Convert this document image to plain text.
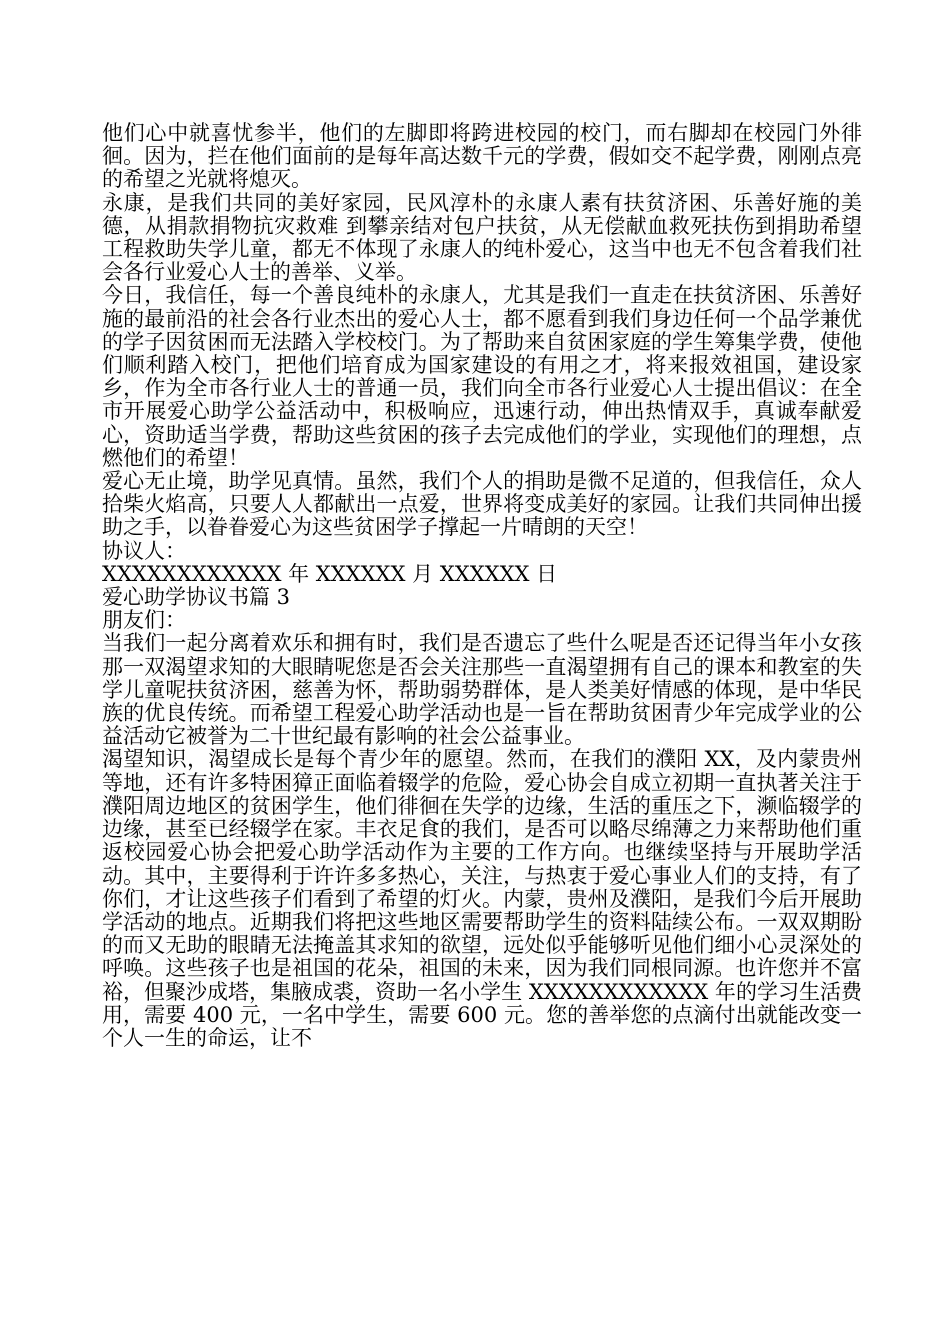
他们心中就喜忧参半，他们的左脚即将跨进校园的校门，而右脚却在校园门外徘徊。因为，拦在他们面前的是每年高达数千元的学费，假如交不起学费，刚刚点亮的希望之光就将熄灭。

永康，是我们共同的美好家园，民风淳朴的永康人素有扶贫济困、乐善好施的美德，从捐款捐物抗灾救难 到攀亲结对包户扶贫，从无偿献血救死扶伤到捐助希望工程救助失学儿童，都无不体现了永康人的纯朴爱心，这当中也无不包含着我们社会各行业爱心人士的善举、义举。

今日，我信任，每一个善良纯朴的永康人，尤其是我们一直走在扶贫济困、乐善好施的最前沿的社会各行业杰出的爱心人士，都不愿看到我们身边任何一个品学兼优的学子因贫困而无法踏入学校校门。为了帮助来自贫困家庭的学生筹集学费，使他们顺利踏入校门，把他们培育成为国家建设的有用之才，将来报效祖国，建设家乡，作为全市各行业人士的普通一员，我们向全市各行业爱心人士提出倡议：在全市开展爱心助学公益活动中，积极响应，迅速行动，伸出热情双手，真诚奉献爱心，资助适当学费，帮助这些贫困的孩子去完成他们的学业，实现他们的理想，点燃他们的希望！

爱心无止境，助学见真情。虽然，我们个人的捐助是微不足道的，但我信任，众人拾柴火焰高，只要人人都献出一点爱，世界将变成美好的家园。让我们共同伸出援助之手，以眷眷爱心为这些贫困学子撑起一片晴朗的天空！

协议人：

XXXXXXXXXXXX 年 XXXXXX 月 XXXXXX 日

爱心助学协议书篇 3

朋友们：

当我们一起分离着欢乐和拥有时，我们是否遗忘了些什么呢是否还记得当年小女孩那一双渴望求知的大眼睛呢您是否会关注那些一直渴望拥有自己的课本和教室的失学儿童呢扶贫济困，慈善为怀，帮助弱势群体，是人类美好情感的体现，是中华民族的优良传统。而希望工程爱心助学活动也是一旨在帮助贫困青少年完成学业的公益活动它被誉为二十世纪最有影响的社会公益事业。

渴望知识，渴望成长是每个青少年的愿望。然而，在我们的濮阳 XX，及内蒙贵州等地，还有许多特困獐正面临着辍学的危险，爱心协会自成立初期一直执著关注于濮阳周边地区的贫困学生，他们徘徊在失学的边缘，生活的重压之下，濒临辍学的边缘，甚至已经辍学在家。丰衣足食的我们，是否可以略尽绵薄之力来帮助他们重返校园爱心协会把爱心助学活动作为主要的工作方向。也继续坚持与开展助学活动。其中，主要得利于许许多多热心，关注，与热衷于爱心事业人们的支持，有了你们，才让这些孩子们看到了希望的灯火。内蒙，贵州及濮阳，是我们今后开展助学活动的地点。近期我们将把这些地区需要帮助学生的资料陆续公布。一双双期盼的而又无助的眼睛无法掩盖其求知的欲望，远处似乎能够听见他们细小心灵深处的呼唤。这些孩子也是祖国的花朵，祖国的未来，因为我们同根同源。也许您并不富裕，但聚沙成塔，集腋成裘，资助一名小学生 XXXXXXXXXXXX 年的学习生活费用，需要 400 元，一名中学生，需要 600 元。您的善举您的点滴付出就能改变一个人一生的命运，让不
